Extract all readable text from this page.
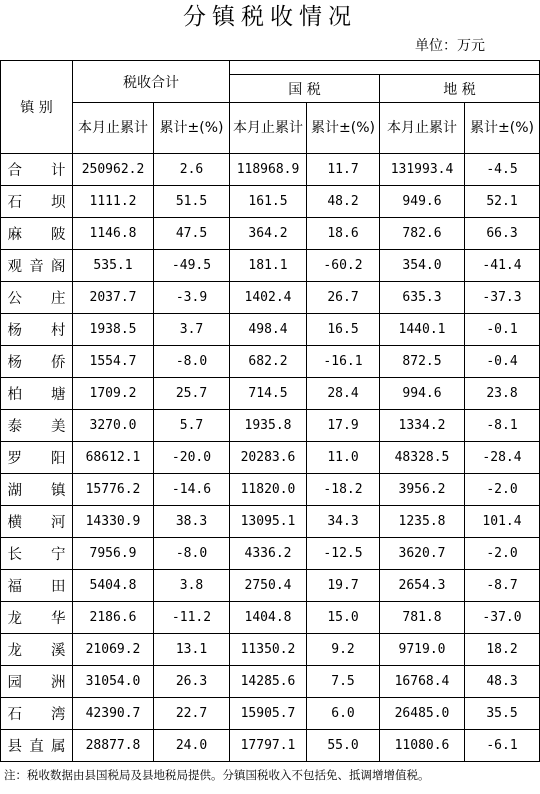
分镇税收情况
单位：万元
镇 别	税收合计					
			国 税		地 税	
	本月止累计	累计±(%)	本月止累计	累计±(%)	本月止累计	累计±(%)
合计	250962.2	2.6	118968.9	11.7	131993.4	-4.5
石坝	1111.2	51.5	161.5	48.2	949.6	52.1
麻陂	1146.8	47.5	364.2	18.6	782.6	66.3
观音阁	535.1	-49.5	181.1	-60.2	354.0	-41.4
公庄	2037.7	-3.9	1402.4	26.7	635.3	-37.3
杨村	1938.5	3.7	498.4	16.5	1440.1	-0.1
杨侨	1554.7	-8.0	682.2	-16.1	872.5	-0.4
柏塘	1709.2	25.7	714.5	28.4	994.6	23.8
泰美	3270.0	5.7	1935.8	17.9	1334.2	-8.1
罗阳	68612.1	-20.0	20283.6	11.0	48328.5	-28.4
湖镇	15776.2	-14.6	11820.0	-18.2	3956.2	-2.0
横河	14330.9	38.3	13095.1	34.3	1235.8	101.4
长宁	7956.9	-8.0	4336.2	-12.5	3620.7	-2.0
福田	5404.8	3.8	2750.4	19.7	2654.3	-8.7
龙华	2186.6	-11.2	1404.8	15.0	781.8	-37.0
龙溪	21069.2	13.1	11350.2	9.2	9719.0	18.2
园洲	31054.0	26.3	14285.6	7.5	16768.4	48.3
石湾	42390.7	22.7	15905.7	6.0	26485.0	35.5
县直属	28877.8	24.0	17797.1	55.0	11080.6	-6.1
注：税收数据由县国税局及县地税局提供。分镇国税收入不包括免、抵调增增值税。
